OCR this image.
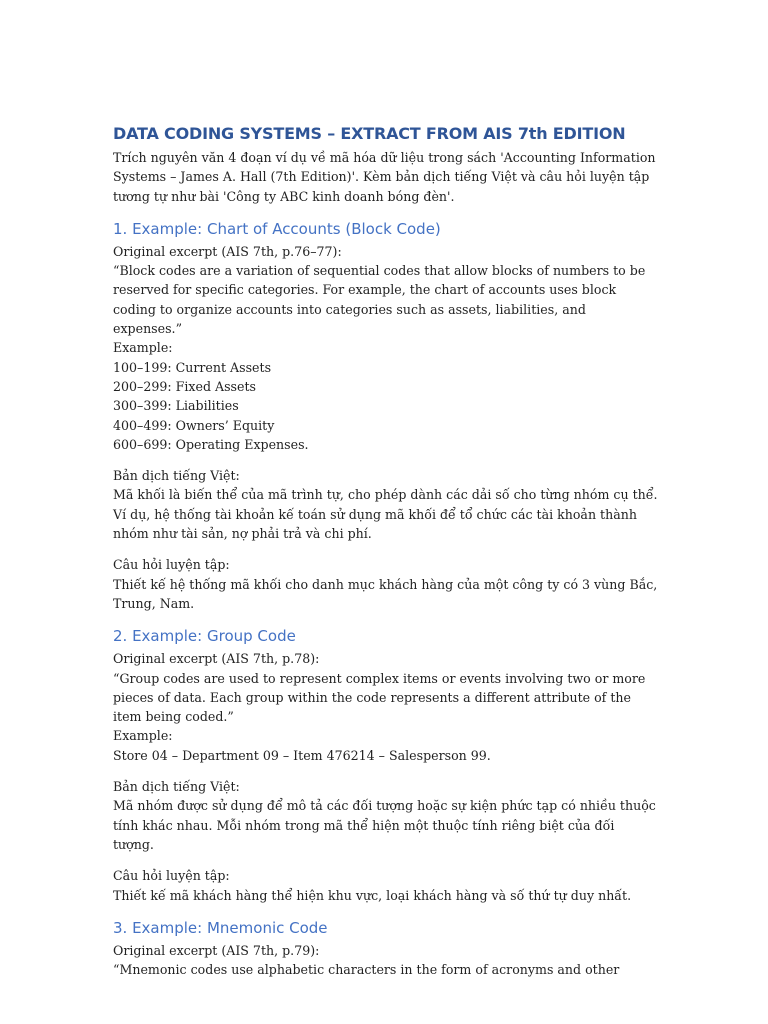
DATA CODING SYSTEMS – EXTRACT FROM AIS 7th EDITION

Trích nguyên văn 4 đoạn ví dụ về mã hóa dữ liệu trong sách 'Accounting Information Systems – James A. Hall (7th Edition)'. Kèm bản dịch tiếng Việt và câu hỏi luyện tập tương tự như bài 'Công ty ABC kinh doanh bóng đèn'.

1. Example: Chart of Accounts (Block Code)

Original excerpt (AIS 7th, p.76–77):

“Block codes are a variation of sequential codes that allow blocks of numbers to be reserved for specific categories. For example, the chart of accounts uses block coding to organize accounts into categories such as assets, liabilities, and expenses.”

Example:

100–199: Current Assets

200–299: Fixed Assets

300–399: Liabilities

400–499: Owners’ Equity

600–699: Operating Expenses.

Bản dịch tiếng Việt:

Mã khối là biến thể của mã trình tự, cho phép dành các dải số cho từng nhóm cụ thể. Ví dụ, hệ thống tài khoản kế toán sử dụng mã khối để tổ chức các tài khoản thành nhóm như tài sản, nợ phải trả và chi phí.

Câu hỏi luyện tập:

Thiết kế hệ thống mã khối cho danh mục khách hàng của một công ty có 3 vùng Bắc, Trung, Nam.

2. Example: Group Code

Original excerpt (AIS 7th, p.78):

“Group codes are used to represent complex items or events involving two or more pieces of data. Each group within the code represents a different attribute of the item being coded.”

Example:

Store 04 – Department 09 – Item 476214 – Salesperson 99.

Bản dịch tiếng Việt:

Mã nhóm được sử dụng để mô tả các đối tượng hoặc sự kiện phức tạp có nhiều thuộc tính khác nhau. Mỗi nhóm trong mã thể hiện một thuộc tính riêng biệt của đối tượng.

Câu hỏi luyện tập:

Thiết kế mã khách hàng thể hiện khu vực, loại khách hàng và số thứ tự duy nhất.

3. Example: Mnemonic Code

Original excerpt (AIS 7th, p.79):

“Mnemonic codes use alphabetic characters in the form of acronyms and other
